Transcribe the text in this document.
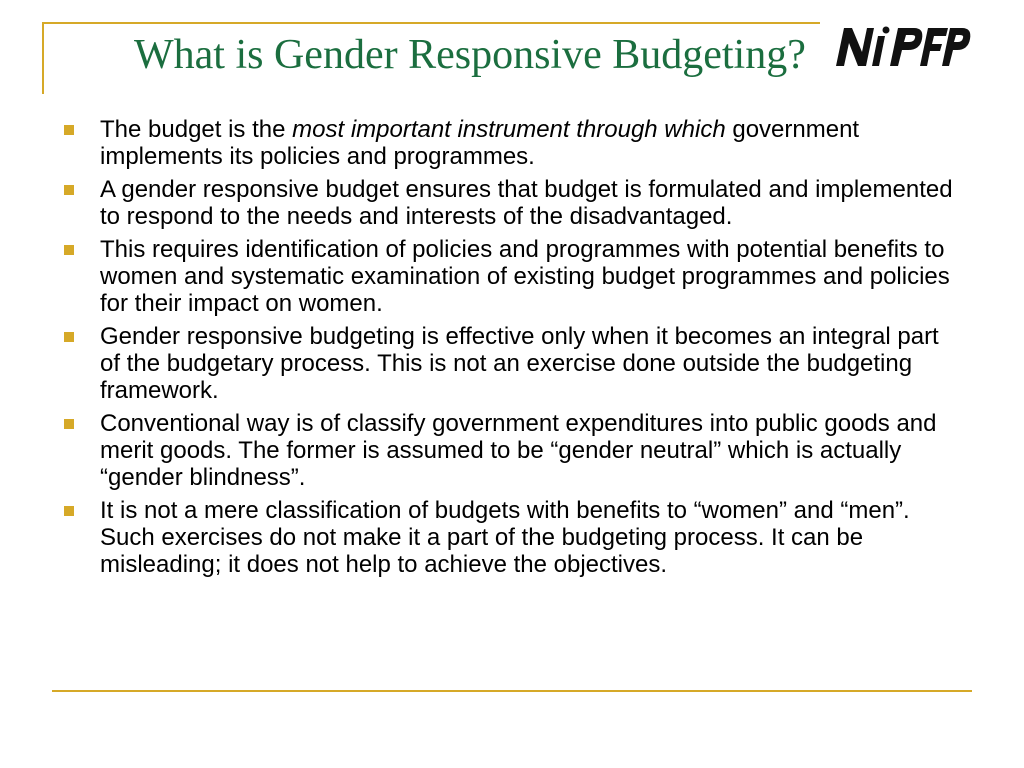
What is Gender Responsive Budgeting?
The budget is the most important instrument through which government implements its policies and programmes.
A gender responsive budget ensures that budget is formulated and implemented to respond to the needs and interests of the disadvantaged.
This requires identification of policies and programmes with potential benefits to women and systematic examination of existing budget programmes and policies for their impact on women.
Gender responsive budgeting is effective only when it becomes an integral part of the budgetary process. This is not an exercise done outside the budgeting framework.
Conventional way is of classify government expenditures into public goods and merit goods. The former is assumed to be “gender neutral” which is actually “gender blindness”.
It is not a mere classification of budgets with benefits to “women” and “men”. Such exercises do not make it a part of the budgeting process. It can be misleading; it does not help to achieve the objectives.
